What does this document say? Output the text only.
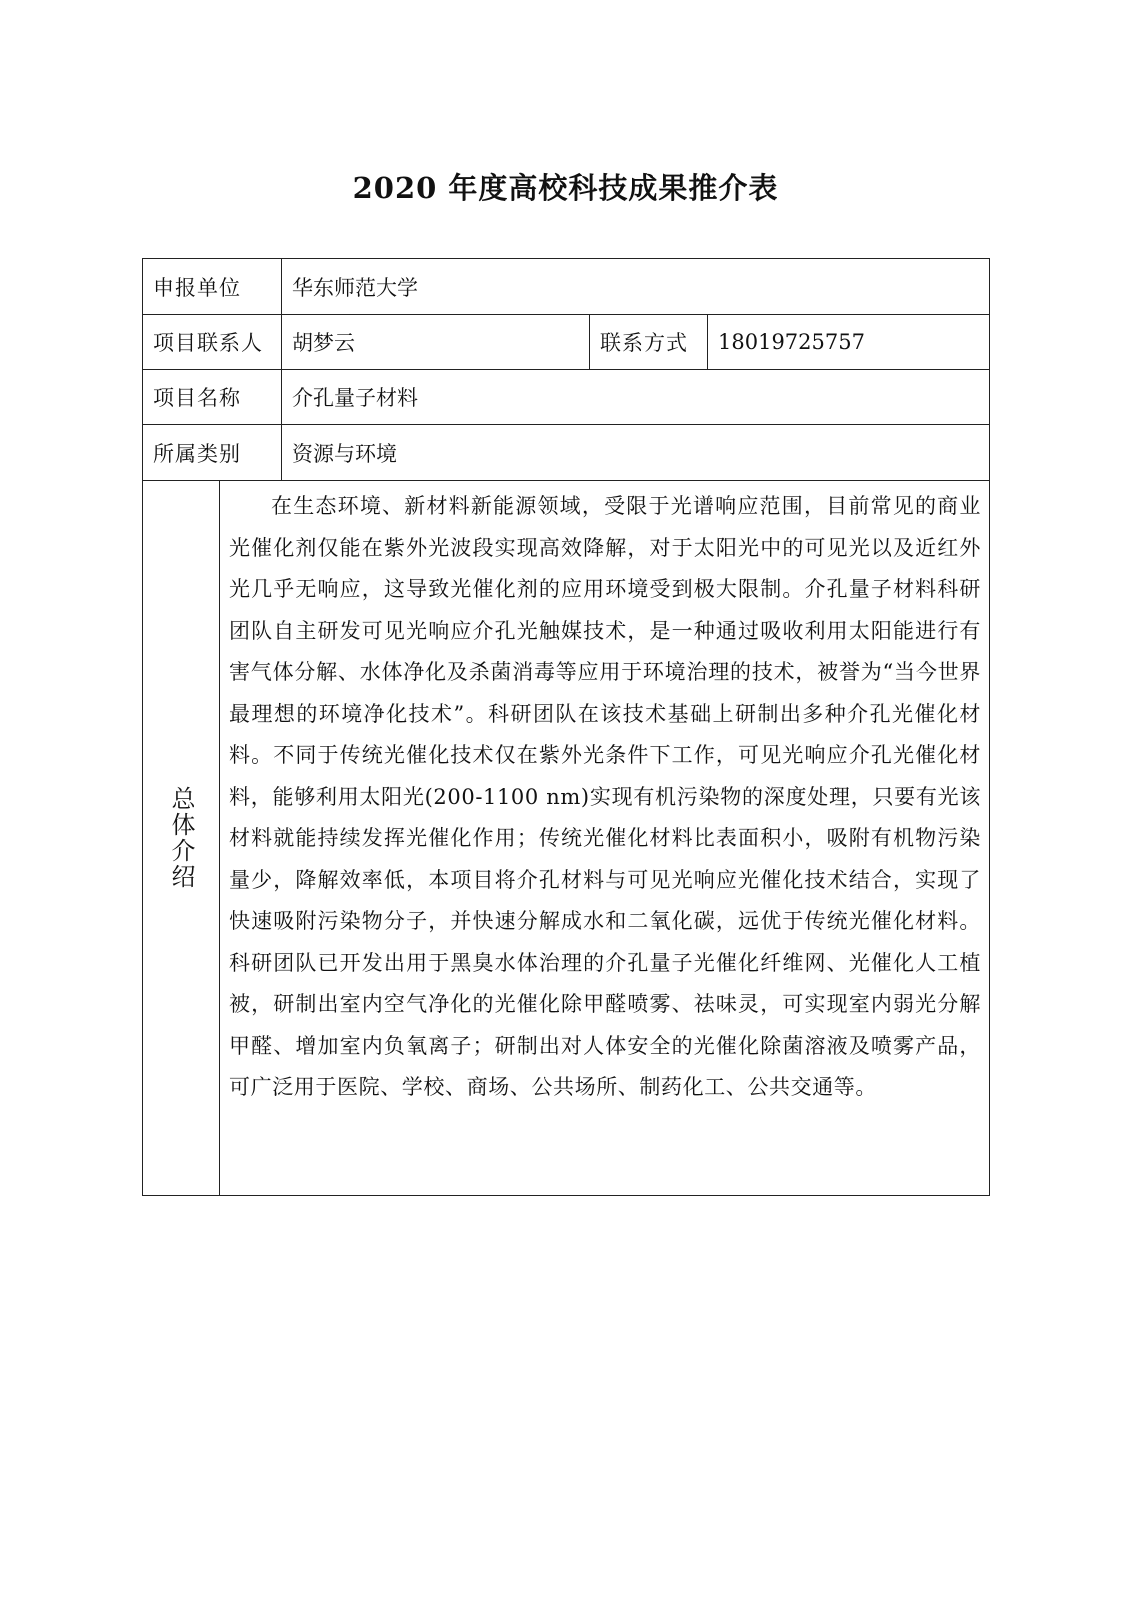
2020 年度高校科技成果推介表
申报单位	华东师范大学
项目联系人	胡梦云	联系方式	18019725757
项目名称	介孔量子材料
所属类别	资源与环境
总体介绍

在生态环境、新材料新能源领域，受限于光谱响应范围，目前常见的商业光催化剂仅能在紫外光波段实现高效降解，对于太阳光中的可见光以及近红外光几乎无响应，这导致光催化剂的应用环境受到极大限制。介孔量子材料科研团队自主研发可见光响应介孔光触媒技术，是一种通过吸收利用太阳能进行有害气体分解、水体净化及杀菌消毒等应用于环境治理的技术，被誉为“当今世界最理想的环境净化技术”。科研团队在该技术基础上研制出多种介孔光催化材料。不同于传统光催化技术仅在紫外光条件下工作，可见光响应介孔光催化材料，能够利用太阳光(200-1100 nm)实现有机污染物的深度处理，只要有光该材料就能持续发挥光催化作用；传统光催化材料比表面积小，吸附有机物污染量少，降解效率低，本项目将介孔材料与可见光响应光催化技术结合，实现了快速吸附污染物分子，并快速分解成水和二氧化碳，远优于传统光催化材料。科研团队已开发出用于黑臭水体治理的介孔量子光催化纤维网、光催化人工植被，研制出室内空气净化的光催化除甲醛喷雾、祛味灵，可实现室内弱光分解甲醛、增加室内负氧离子；研制出对人体安全的光催化除菌溶液及喷雾产品，可广泛用于医院、学校、商场、公共场所、制药化工、公共交通等。
